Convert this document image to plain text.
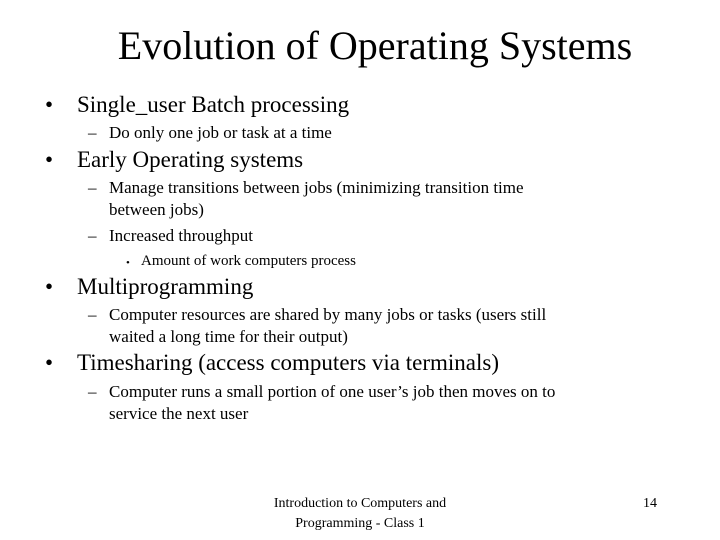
Evolution of Operating Systems
•	Single_user Batch processing
– Do only one job or task at a time
•	Early Operating systems
– Manage transitions between jobs (minimizing transition time
between jobs)
– Increased throughput
• Amount of work computers process
•	Multiprogramming
– Computer resources are shared by many jobs or tasks (users still
waited a long time for their output)
•	Timesharing (access computers via terminals)
– Computer runs a small portion of one user’s job then moves on to
service the next user
Introduction to Computers and
Programming - Class 1
14
